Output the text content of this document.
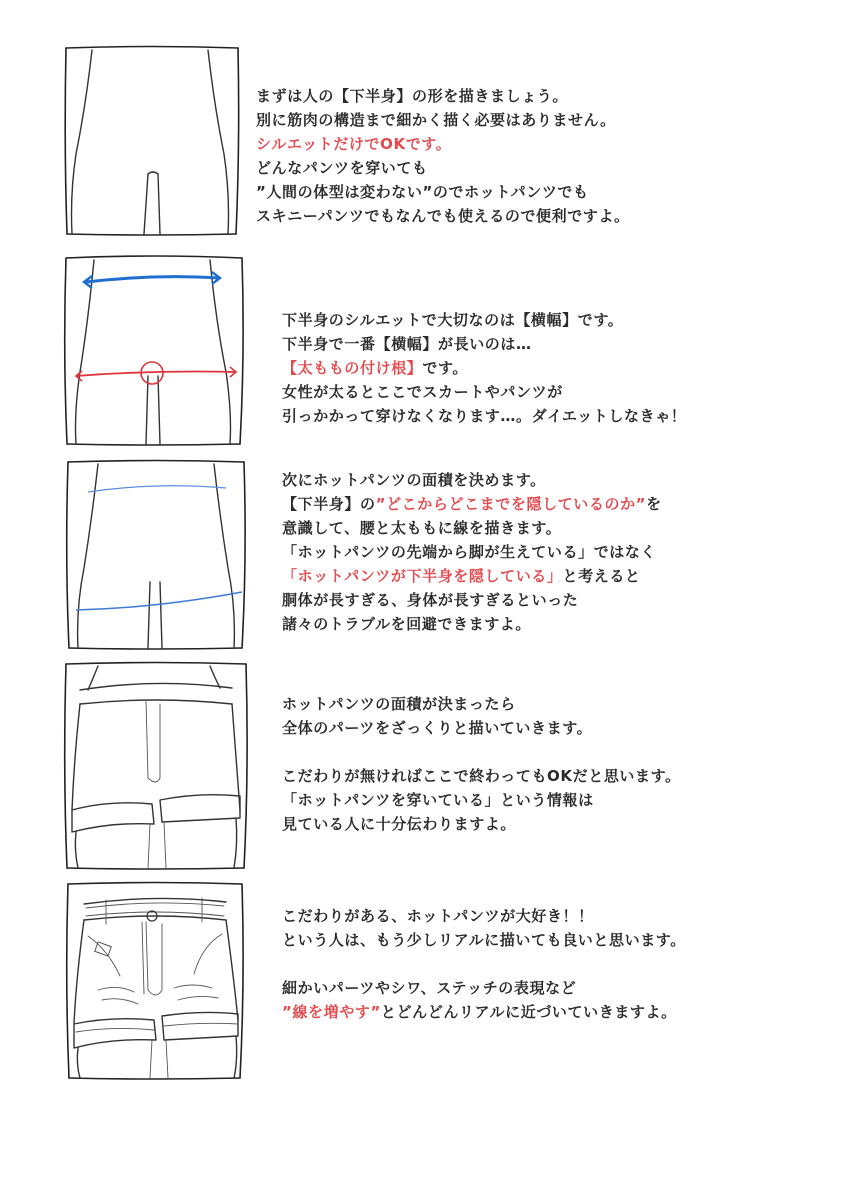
まずは人の【下半身】の形を描きましょう。
別に筋肉の構造まで細かく描く必要はありません。
シルエットだけでOKです。
どんなパンツを穿いても
”人間の体型は変わない”のでホットパンツでも
スキニーパンツでもなんでも使えるので便利ですよ。
下半身のシルエットで大切なのは【横幅】です。
下半身で一番【横幅】が長いのは…
【太ももの付け根】です。
女性が太るとここでスカートやパンツが
引っかかって穿けなくなります…。ダイエットしなきゃ！
次にホットパンツの面積を決めます。
【下半身】の”どこからどこまでを隠しているのか”を
意識して、腰と太ももに線を描きます。
「ホットパンツの先端から脚が生えている」ではなく
「ホットパンツが下半身を隠している」と考えると
胴体が長すぎる、身体が長すぎるといった
諸々のトラブルを回避できますよ。
ホットパンツの面積が決まったら
全体のパーツをざっくりと描いていきます。

こだわりが無ければここで終わってもOKだと思います。
「ホットパンツを穿いている」という情報は
見ている人に十分伝わりますよ。
こだわりがある、ホットパンツが大好き！！
という人は、もう少しリアルに描いても良いと思います。

細かいパーツやシワ、ステッチの表現など
”線を増やす”とどんどんリアルに近づいていきますよ。
